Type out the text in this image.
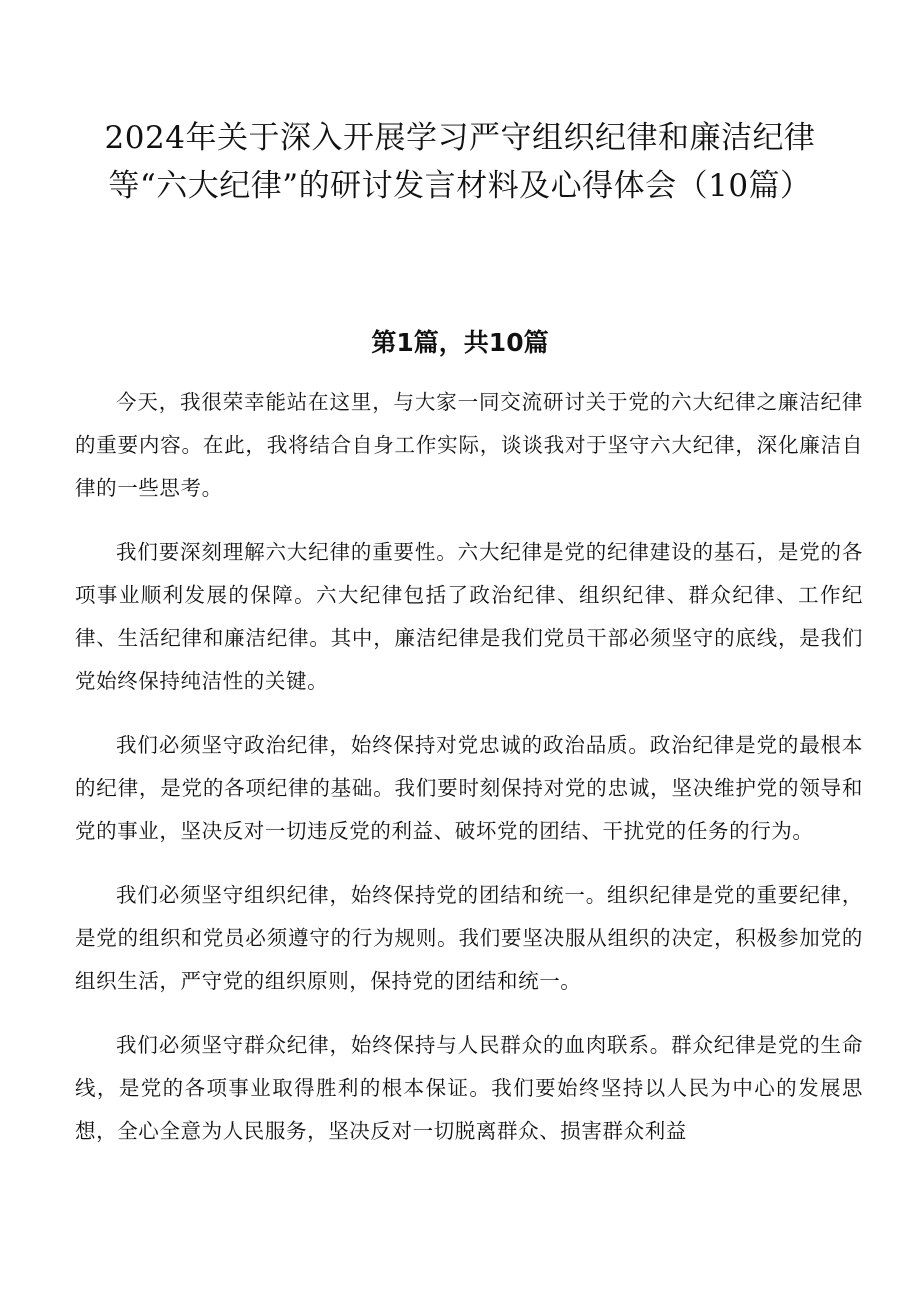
2024年关于深入开展学习严守组织纪律和廉洁纪律等“六大纪律”的研讨发言材料及心得体会（10篇）
第1篇，共10篇

今天，我很荣幸能站在这里，与大家一同交流研讨关于党的六大纪律之廉洁纪律的重要内容。在此，我将结合自身工作实际，谈谈我对于坚守六大纪律，深化廉洁自律的一些思考。

我们要深刻理解六大纪律的重要性。六大纪律是党的纪律建设的基石，是党的各项事业顺利发展的保障。六大纪律包括了政治纪律、组织纪律、群众纪律、工作纪律、生活纪律和廉洁纪律。其中，廉洁纪律是我们党员干部必须坚守的底线，是我们党始终保持纯洁性的关键。

我们必须坚守政治纪律，始终保持对党忠诚的政治品质。政治纪律是党的最根本的纪律，是党的各项纪律的基础。我们要时刻保持对党的忠诚，坚决维护党的领导和党的事业，坚决反对一切违反党的利益、破坏党的团结、干扰党的任务的行为。

我们必须坚守组织纪律，始终保持党的团结和统一。组织纪律是党的重要纪律，是党的组织和党员必须遵守的行为规则。我们要坚决服从组织的决定，积极参加党的组织生活，严守党的组织原则，保持党的团结和统一。

我们必须坚守群众纪律，始终保持与人民群众的血肉联系。群众纪律是党的生命线，是党的各项事业取得胜利的根本保证。我们要始终坚持以人民为中心的发展思想，全心全意为人民服务，坚决反对一切脱离群众、损害群众利益
